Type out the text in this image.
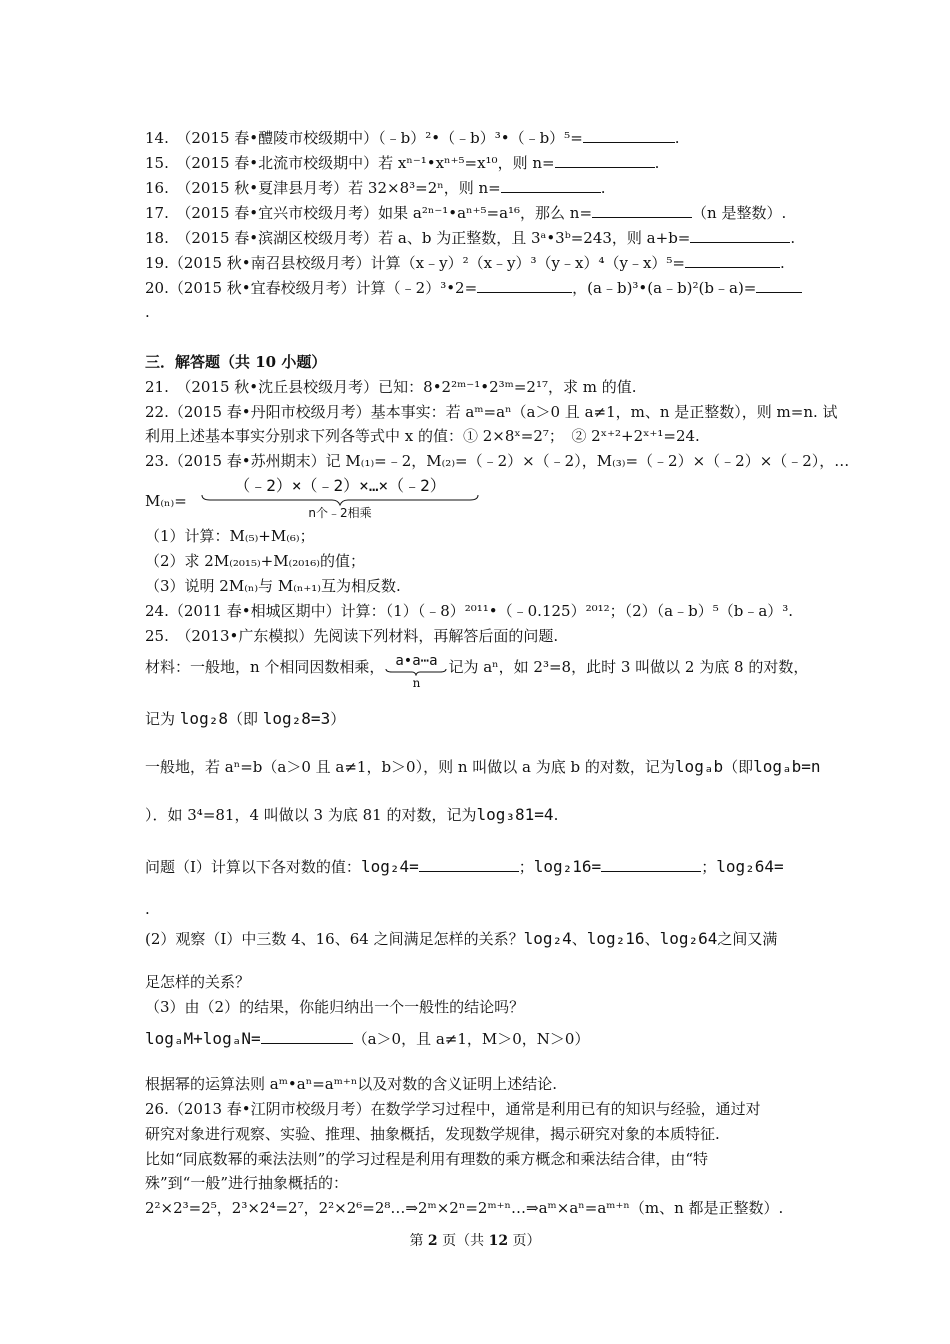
14.　（2015 春•醴陵市校级期中）（﹣b）²•（﹣b）³•（﹣b）⁵=	.
15.　（2015 春•北流市校级期中）若 xⁿ⁻¹•xⁿ⁺⁵=x¹⁰，则 n=	.
16.　（2015 秋•夏津县月考）若 32×8³=2ⁿ，则 n=	.
17.　（2015 春•宜兴市校级月考）如果 a²ⁿ⁻¹•aⁿ⁺⁵=a¹⁶，那么 n=	（n 是整数）.
18.　（2015 春•滨湖区校级月考）若 a、b 为正整数，且 3ᵃ•3ᵇ=243，则 a+b=	.
19.（2015 秋•南召县校级月考）计算（x﹣y）²（x﹣y）³（y﹣x）⁴（y﹣x）⁵=	.
20.（2015 秋•宜春校级月考）计算（﹣2）³•2=	，(a﹣b)³•(a﹣b)²(b﹣a)=
.
三．解答题（共 10 小题）
21.　（2015 秋•沈丘县校级月考）已知：8•2²ᵐ⁻¹•2³ᵐ=2¹⁷，求 m 的值.
22.（2015 春•丹阳市校级月考）基本事实：若 aᵐ=aⁿ（a＞0 且 a≠1，m、n 是正整数），则 m=n. 试
利用上述基本事实分别求下列各等式中 x 的值：① 2×8ˣ=2⁷；　② 2ˣ⁺²+2ˣ⁺¹=24.
23.（2015 春•苏州期末）记 M₍₁₎=﹣2，M₍₂₎=（﹣2）×（﹣2），M₍₃₎=（﹣2）×（﹣2）×（﹣2），…
M₍ₙ₎=
（﹣2）×（﹣2）×…×（﹣2）
n个﹣2相乘
（1）计算：M₍₅₎+M₍₆₎；
（2）求 2M₍₂₀₁₅₎+M₍₂₀₁₆₎的值；
（3）说明 2M₍ₙ₎与 M₍ₙ₊₁₎互为相反数.
24.（2011 春•相城区期中）计算：（1）（﹣8）²⁰¹¹•（﹣0.125）²⁰¹²；（2）（a﹣b）⁵（b﹣a）³.
25.　（2013•广东模拟）先阅读下列材料，再解答后面的问题.
材料：一般地，n 个相同因数相乘， a•a⋯a
n
记为 aⁿ，如 2³=8，此时 3 叫做以 2 为底 8 的对数，
记为 log₂8（即 log₂8=3）
一般地，若 aⁿ=b（a＞0 且 a≠1，b＞0），则 n 叫做以 a 为底 b 的对数，记为logₐb（即logₐb=n
）．如 3⁴=81，4 叫做以 3 为底 81 的对数，记为log₃81=4.
问题（Ⅰ）计算以下各对数的值：log₂4=	；log₂16=	；log₂64=
.
(2）观察（Ⅰ）中三数 4、16、64 之间满足怎样的关系？log₂4、log₂16、log₂64之间又满
足怎样的关系？
（3）由（2）的结果，你能归纳出一个一般性的结论吗？
logₐM+logₐN=	（a＞0，且 a≠1，M＞0，N＞0）
根据幂的运算法则 aᵐ•aⁿ=aᵐ⁺ⁿ以及对数的含义证明上述结论.
26.（2013 春•江阴市校级月考）在数学学习过程中，通常是利用已有的知识与经验，通过对
研究对象进行观察、实验、推理、抽象概括，发现数学规律，揭示研究对象的本质特征.
比如“同底数幂的乘法法则”的学习过程是利用有理数的乘方概念和乘法结合律，由“特
殊”到“一般”进行抽象概括的：
2²×2³=2⁵，2³×2⁴=2⁷，2²×2⁶=2⁸…⇒2ᵐ×2ⁿ=2ᵐ⁺ⁿ…⇒aᵐ×aⁿ=aᵐ⁺ⁿ（m、n 都是正整数）.
第 2 页（共 12 页）
